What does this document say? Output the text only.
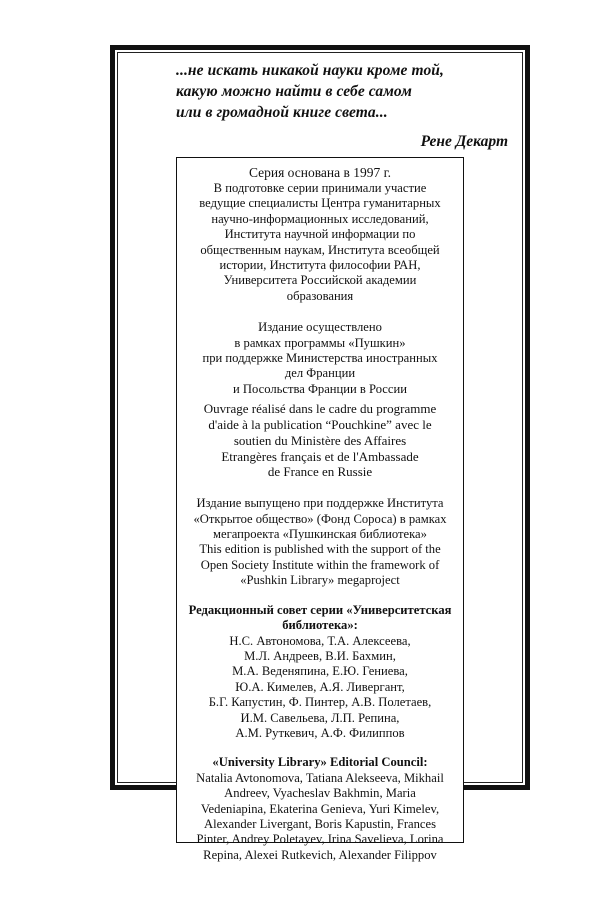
...не искать никакой науки кроме той,
какую можно найти в себе самом
или в громадной книге света...
Рене Декарт
Серия основана в 1997 г.
В подготовке серии принимали участие
ведущие специалисты Центра гуманитарных
научно-информационных исследований,
Института научной информации по
общественным наукам, Института всеобщей
истории, Института философии РАН,
Университета Российской академии
образования
Издание осуществлено
в рамках программы «Пушкин»
при поддержке Министерства иностранных
дел Франции
и Посольства Франции в России
Ouvrage réalisé dans le cadre du programme
d'aide à la publication “Pouchkine” avec le
soutien du Ministère des Affaires
Etrangères français et de l'Ambassade
de France en Russie
Издание выпущено при поддержке Института
«Открытое общество» (Фонд Сороса) в рамках
мегапроекта «Пушкинская библиотека»
This edition is published with the support of the
Open Society Institute within the framework of
«Pushkin Library» megaproject
Редакционный совет серии «Университетская
библиотека»:
Н.С. Автономова, Т.А. Алексеева,
М.Л. Андреев, В.И. Бахмин,
М.А. Веденяпина, Е.Ю. Гениева,
Ю.А. Кимелев, А.Я. Ливергант,
Б.Г. Капустин, Ф. Пинтер, А.В. Полетаев,
И.М. Савельева, Л.П. Репина,
А.М. Руткевич, А.Ф. Филиппов
«University Library» Editorial Council:
Natalia Avtonomova, Tatiana Alekseeva, Mikhail
Andreev, Vyacheslav Bakhmin, Maria
Vedeniapina, Ekaterina Genieva, Yuri Kimelev,
Alexander Livergant, Boris Kapustin, Frances
Pinter, Andrey Poletayev, Irina Savelieva, Lorina
Repina, Alexei Rutkevich, Alexander Filippov
